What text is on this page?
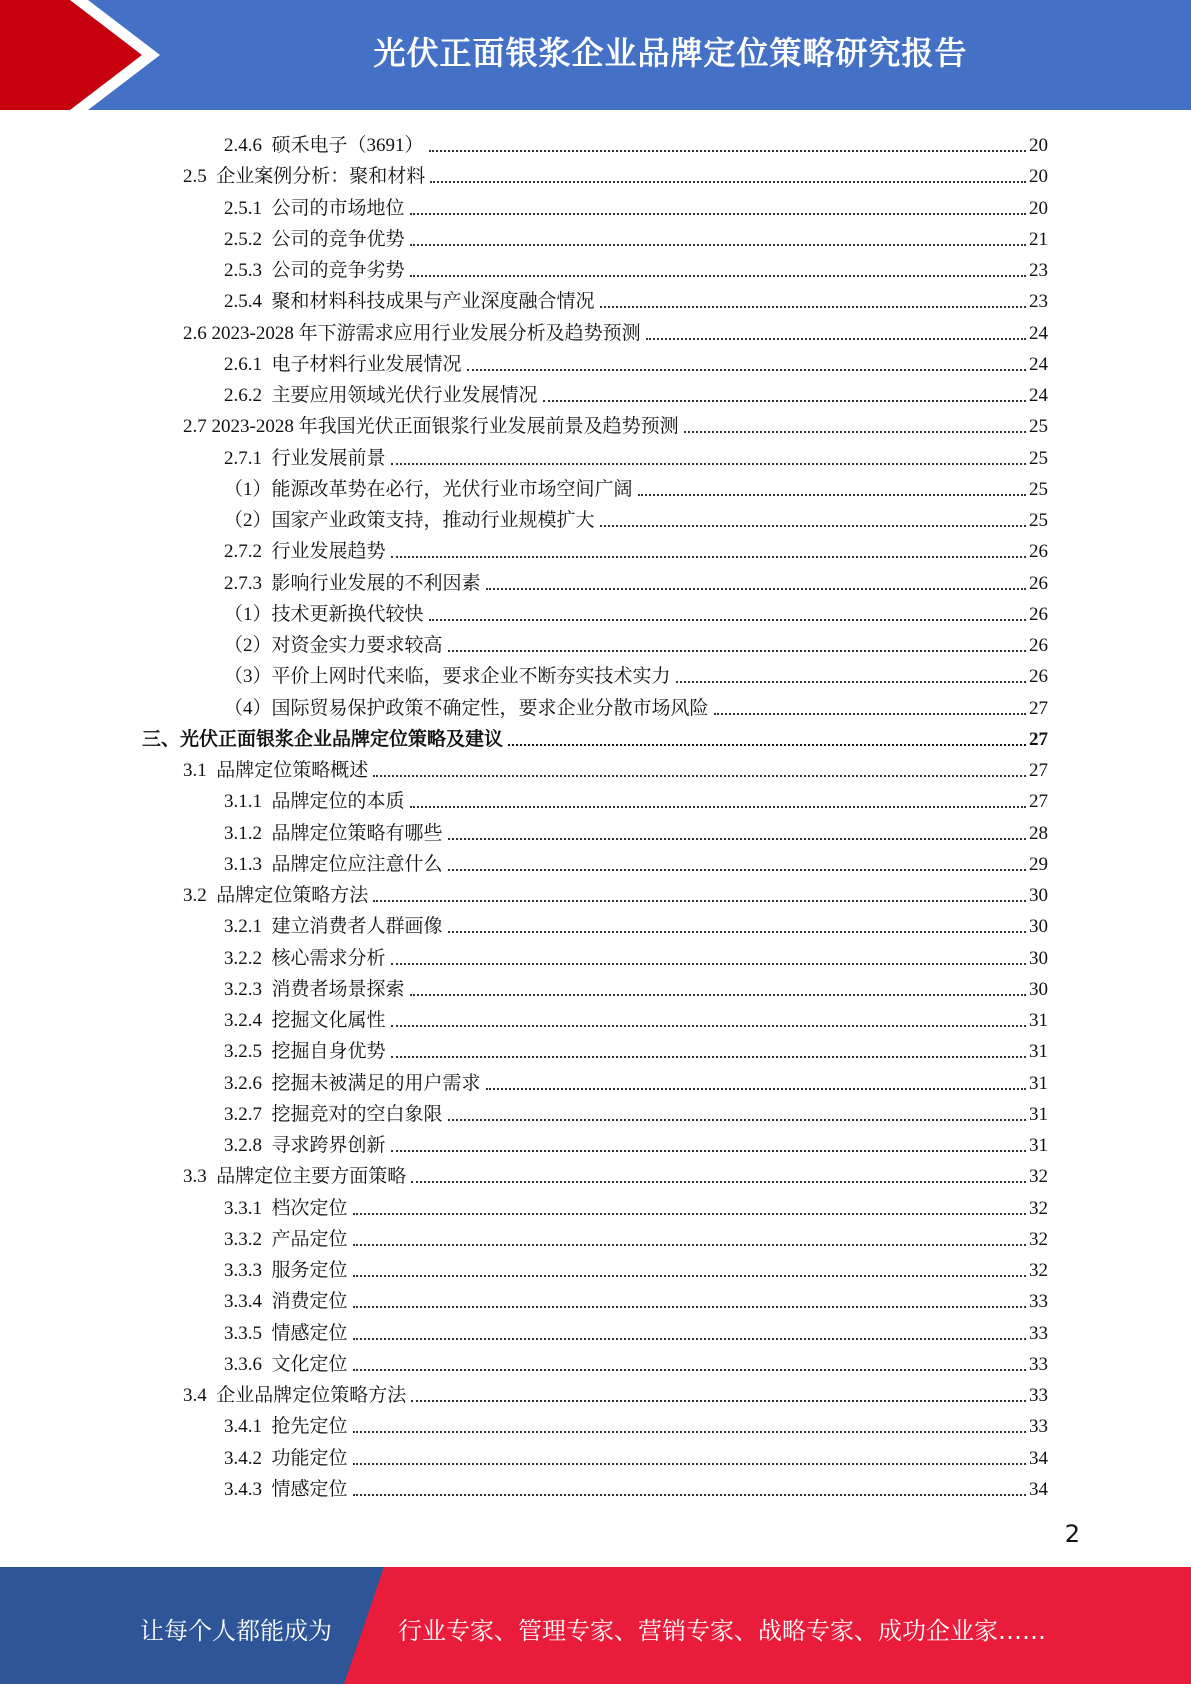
光伏正面银浆企业品牌定位策略研究报告
2.4.6  硕禾电子（3691）	20
2.5  企业案例分析：聚和材料	20
2.5.1  公司的市场地位	20
2.5.2  公司的竞争优势	21
2.5.3  公司的竞争劣势	23
2.5.4  聚和材料科技成果与产业深度融合情况	23
2.6 2023-2028 年下游需求应用行业发展分析及趋势预测	24
2.6.1  电子材料行业发展情况	24
2.6.2  主要应用领域光伏行业发展情况	24
2.7 2023-2028 年我国光伏正面银浆行业发展前景及趋势预测	25
2.7.1  行业发展前景	25
（1）能源改革势在必行，光伏行业市场空间广阔	25
（2）国家产业政策支持，推动行业规模扩大	25
2.7.2  行业发展趋势	26
2.7.3  影响行业发展的不利因素	26
（1）技术更新换代较快	26
（2）对资金实力要求较高	26
（3）平价上网时代来临，要求企业不断夯实技术实力	26
（4）国际贸易保护政策不确定性，要求企业分散市场风险	27
三、光伏正面银浆企业品牌定位策略及建议	27
3.1  品牌定位策略概述	27
3.1.1  品牌定位的本质	27
3.1.2  品牌定位策略有哪些	28
3.1.3  品牌定位应注意什么	29
3.2  品牌定位策略方法	30
3.2.1  建立消费者人群画像	30
3.2.2  核心需求分析	30
3.2.3  消费者场景探索	30
3.2.4  挖掘文化属性	31
3.2.5  挖掘自身优势	31
3.2.6  挖掘未被满足的用户需求	31
3.2.7  挖掘竞对的空白象限	31
3.2.8  寻求跨界创新	31
3.3  品牌定位主要方面策略	32
3.3.1  档次定位	32
3.3.2  产品定位	32
3.3.3  服务定位	32
3.3.4  消费定位	33
3.3.5  情感定位	33
3.3.6  文化定位	33
3.4  企业品牌定位策略方法	33
3.4.1  抢先定位	33
3.4.2  功能定位	34
3.4.3  情感定位	34
2
让每个人都能成为	行业专家、管理专家、营销专家、战略专家、成功企业家……
